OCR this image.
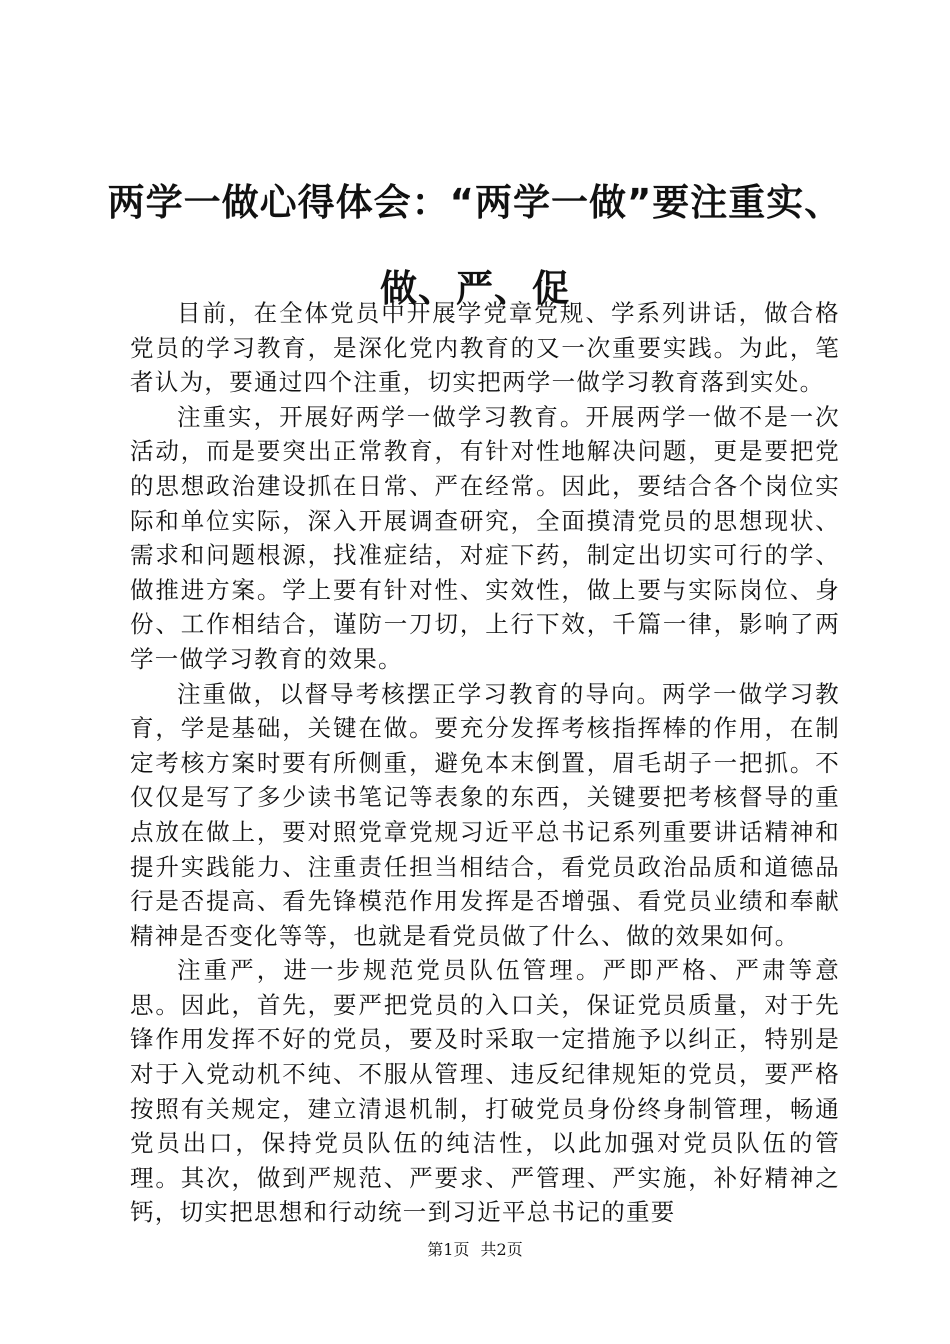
两学一做心得体会：“两学一做”要注重实、
做、严、促

目前，在全体党员中开展学党章党规、学系列讲话，做合格党员的学习教育，是深化党内教育的又一次重要实践。为此，笔者认为，要通过四个注重，切实把两学一做学习教育落到实处。

注重实，开展好两学一做学习教育。开展两学一做不是一次活动，而是要突出正常教育，有针对性地解决问题，更是要把党的思想政治建设抓在日常、严在经常。因此，要结合各个岗位实际和单位实际，深入开展调查研究，全面摸清党员的思想现状、需求和问题根源，找准症结，对症下药，制定出切实可行的学、做推进方案。学上要有针对性、实效性，做上要与实际岗位、身份、工作相结合，谨防一刀切，上行下效，千篇一律，影响了两学一做学习教育的效果。

注重做，以督导考核摆正学习教育的导向。两学一做学习教育，学是基础，关键在做。要充分发挥考核指挥棒的作用，在制定考核方案时要有所侧重，避免本末倒置，眉毛胡子一把抓。不仅仅是写了多少读书笔记等表象的东西，关键要把考核督导的重点放在做上，要对照党章党规习近平总书记系列重要讲话精神和提升实践能力、注重责任担当相结合，看党员政治品质和道德品行是否提高、看先锋模范作用发挥是否增强、看党员业绩和奉献精神是否变化等等，也就是看党员做了什么、做的效果如何。

注重严，进一步规范党员队伍管理。严即严格、严肃等意思。因此，首先，要严把党员的入口关，保证党员质量，对于先锋作用发挥不好的党员，要及时采取一定措施予以纠正，特别是对于入党动机不纯、不服从管理、违反纪律规矩的党员，要严格按照有关规定，建立清退机制，打破党员身份终身制管理，畅通党员出口，保持党员队伍的纯洁性，以此加强对党员队伍的管理。其次，做到严规范、严要求、严管理、严实施，补好精神之钙，切实把思想和行动统一到习近平总书记的重要

第1页 共2页
